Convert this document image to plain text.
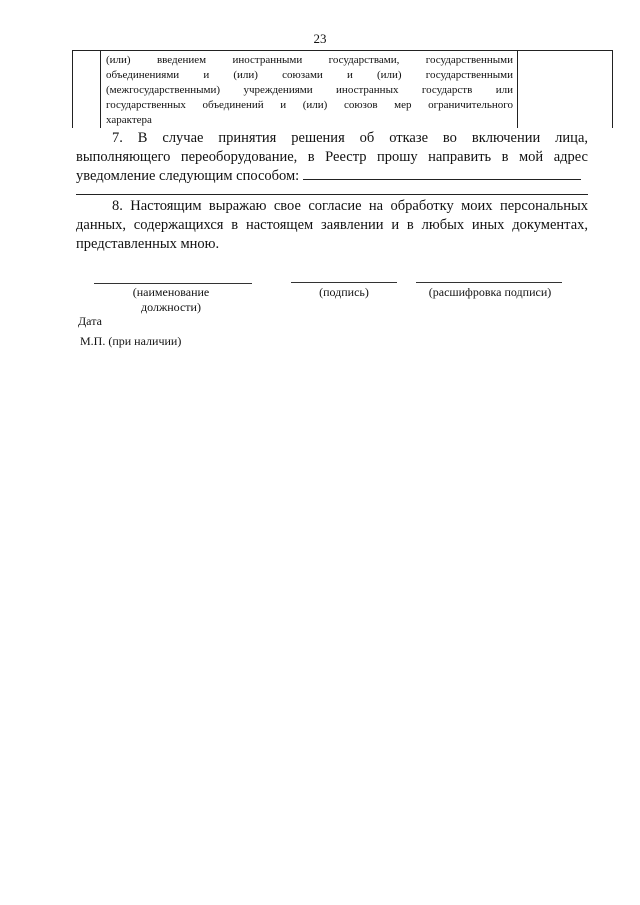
23
(или) введением иностранными государствами, государственными
объединениями и (или) союзами и (или) государственными
(межгосударственными) учреждениями иностранных государств или
государственных объединений и (или) союзов мер ограничительного
характера
7. В случае принятия решения об отказе во включении лица,
выполняющего переоборудование, в Реестр прошу направить в мой адрес
уведомление следующим способом:
8. Настоящим выражаю свое согласие на обработку моих персональных
данных, содержащихся в настоящем заявлении и в любых иных документах,
представленных мною.
(наименование должности)
(подпись)	(расшифровка подписи)
Дата
М.П. (при наличии)
